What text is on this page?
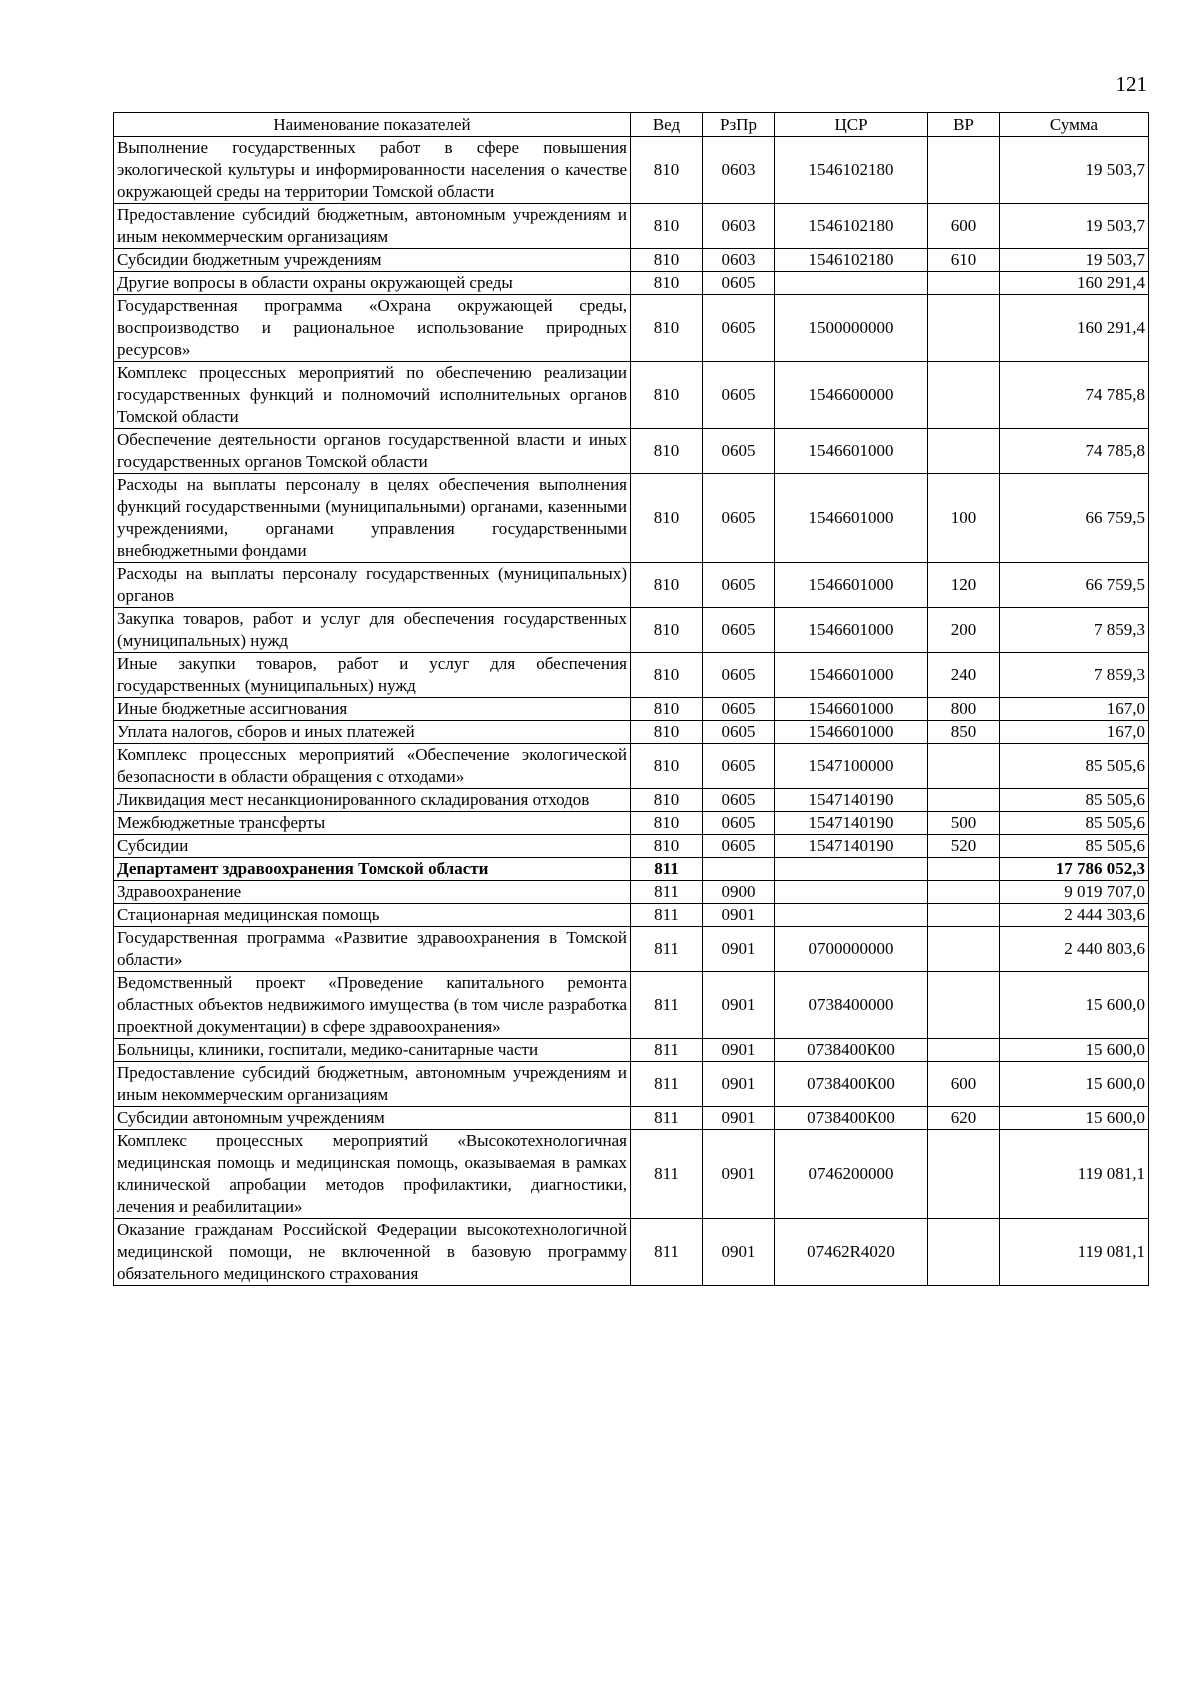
121
Наименование показателей	Вед	РзПр	ЦСР	ВР	Сумма
Выполнение государственных работ в сфере повышения экологической культуры и информированности населения о качестве окружающей среды на территории Томской области	810	0603	1546102180		19 503,7
Предоставление субсидий бюджетным, автономным учреждениям и иным некоммерческим организациям	810	0603	1546102180	600	19 503,7
Субсидии бюджетным учреждениям	810	0603	1546102180	610	19 503,7
Другие вопросы в области охраны окружающей среды	810	0605			160 291,4
Государственная программа «Охрана окружающей среды, воспроизводство и рациональное использование природных ресурсов»	810	0605	1500000000		160 291,4
Комплекс процессных мероприятий по обеспечению реализации государственных функций и полномочий исполнительных органов Томской области	810	0605	1546600000		74 785,8
Обеспечение деятельности органов государственной власти и иных государственных органов Томской области	810	0605	1546601000		74 785,8
Расходы на выплаты персоналу в целях обеспечения выполнения функций государственными (муниципальными) органами, казенными учреждениями, органами управления государственными внебюджетными фондами	810	0605	1546601000	100	66 759,5
Расходы на выплаты персоналу государственных (муниципальных) органов	810	0605	1546601000	120	66 759,5
Закупка товаров, работ и услуг для обеспечения государственных (муниципальных) нужд	810	0605	1546601000	200	7 859,3
Иные закупки товаров, работ и услуг для обеспечения государственных (муниципальных) нужд	810	0605	1546601000	240	7 859,3
Иные бюджетные ассигнования	810	0605	1546601000	800	167,0
Уплата налогов, сборов и иных платежей	810	0605	1546601000	850	167,0
Комплекс процессных мероприятий «Обеспечение экологической безопасности в области обращения с отходами»	810	0605	1547100000		85 505,6
Ликвидация мест несанкционированного складирования отходов	810	0605	1547140190		85 505,6
Межбюджетные трансферты	810	0605	1547140190	500	85 505,6
Субсидии	810	0605	1547140190	520	85 505,6
Департамент здравоохранения Томской области	811				17 786 052,3
Здравоохранение	811	0900			9 019 707,0
Стационарная медицинская помощь	811	0901			2 444 303,6
Государственная программа «Развитие здравоохранения в Томской области»	811	0901	0700000000		2 440 803,6
Ведомственный проект «Проведение капитального ремонта областных объектов недвижимого имущества (в том числе разработка проектной документации) в сфере здравоохранения»	811	0901	0738400000		15 600,0
Больницы, клиники, госпитали, медико-санитарные части	811	0901	0738400К00		15 600,0
Предоставление субсидий бюджетным, автономным учреждениям и иным некоммерческим организациям	811	0901	0738400К00	600	15 600,0
Субсидии автономным учреждениям	811	0901	0738400К00	620	15 600,0
Комплекс процессных мероприятий «Высокотехнологичная медицинская помощь и медицинская помощь, оказываемая в рамках клинической апробации методов профилактики, диагностики, лечения и реабилитации»	811	0901	0746200000		119 081,1
Оказание гражданам Российской Федерации высокотехнологичной медицинской помощи, не включенной в базовую программу обязательного медицинского страхования	811	0901	07462R4020		119 081,1
